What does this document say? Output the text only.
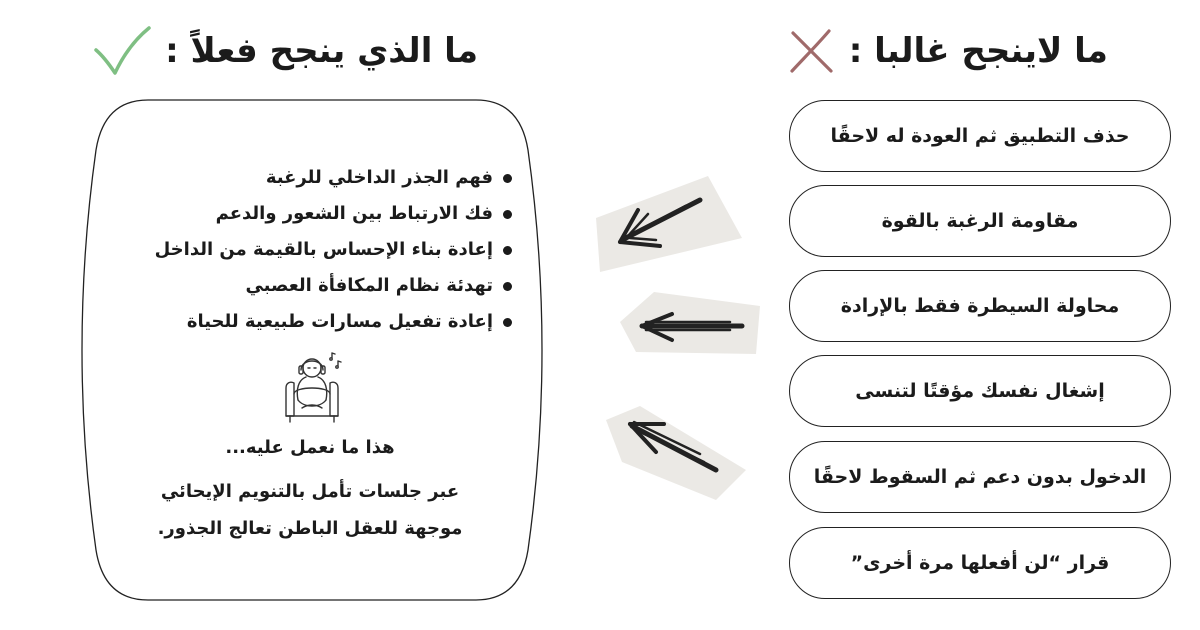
ما لاينجح غالبا :
ما الذي ينجح فعلاً :
حذف التطبيق ثم العودة له لاحقًا
مقاومة الرغبة بالقوة
محاولة السيطرة فقط بالإرادة
إشغال نفسك مؤقتًا لتنسى
الدخول بدون دعم ثم السقوط لاحقًا
قرار “لن أفعلها مرة أخرى”
فهم الجذر الداخلي للرغبة
فك الارتباط بين الشعور والدعم
إعادة بناء الإحساس بالقيمة من الداخل
تهدئة نظام المكافأة العصبي
إعادة تفعيل مسارات طبيعية للحياة
هذا ما نعمل عليه...
عبر جلسات تأمل بالتنويم الإيحائي
موجهة للعقل الباطن تعالج الجذور.
